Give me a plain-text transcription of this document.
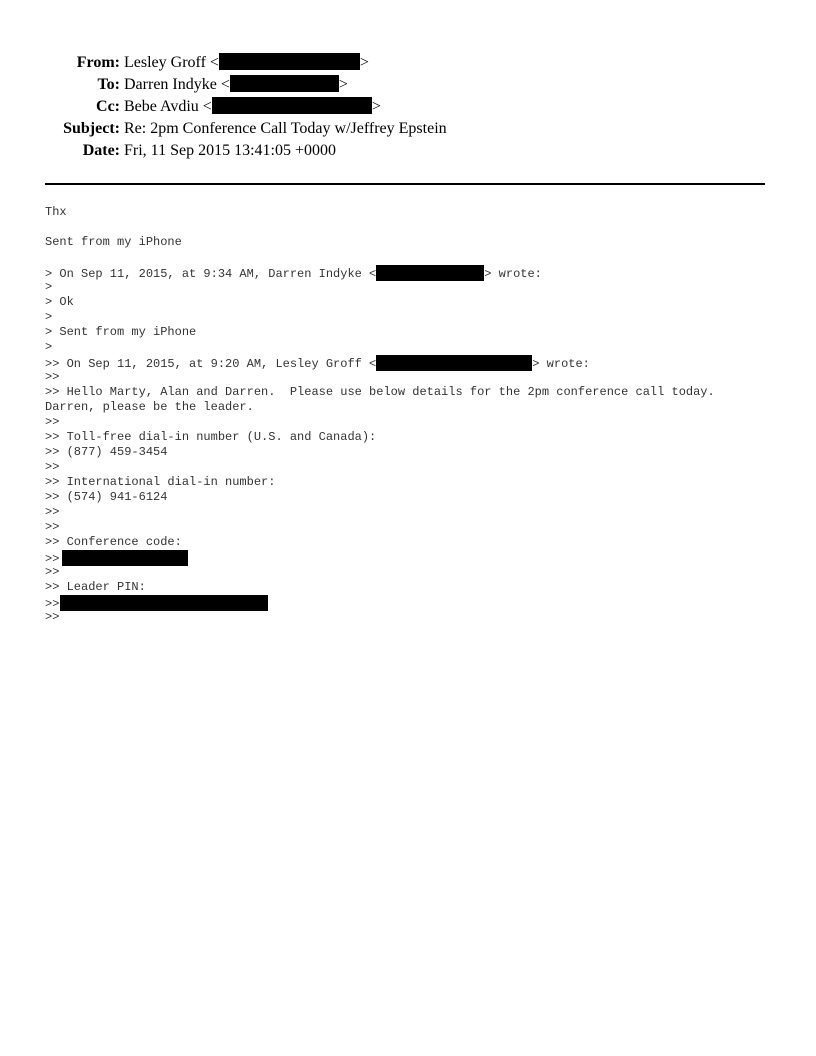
From: Lesley Groff <	>
To: Darren Indyke <	>
Cc: Bebe Avdiu <	>
Subject: Re: 2pm Conference Call Today w/Jeffrey Epstein
Date: Fri, 11 Sep 2015 13:41:05 +0000
Thx
Sent from my iPhone
> On Sep 11, 2015, at 9:34 AM, Darren Indyke <	> wrote:
>
> Ok
>
> Sent from my iPhone
>
>> On Sep 11, 2015, at 9:20 AM, Lesley Groff <	> wrote:
>>
>> Hello Marty, Alan and Darren.  Please use below details for the 2pm conference call today.
Darren, please be the leader.
>>
>> Toll-free dial-in number (U.S. and Canada):
>> (877) 459-3454
>>
>> International dial-in number:
>> (574) 941-6124
>>
>>
>> Conference code:
>>
>>
>> Leader PIN:
>>
>>
